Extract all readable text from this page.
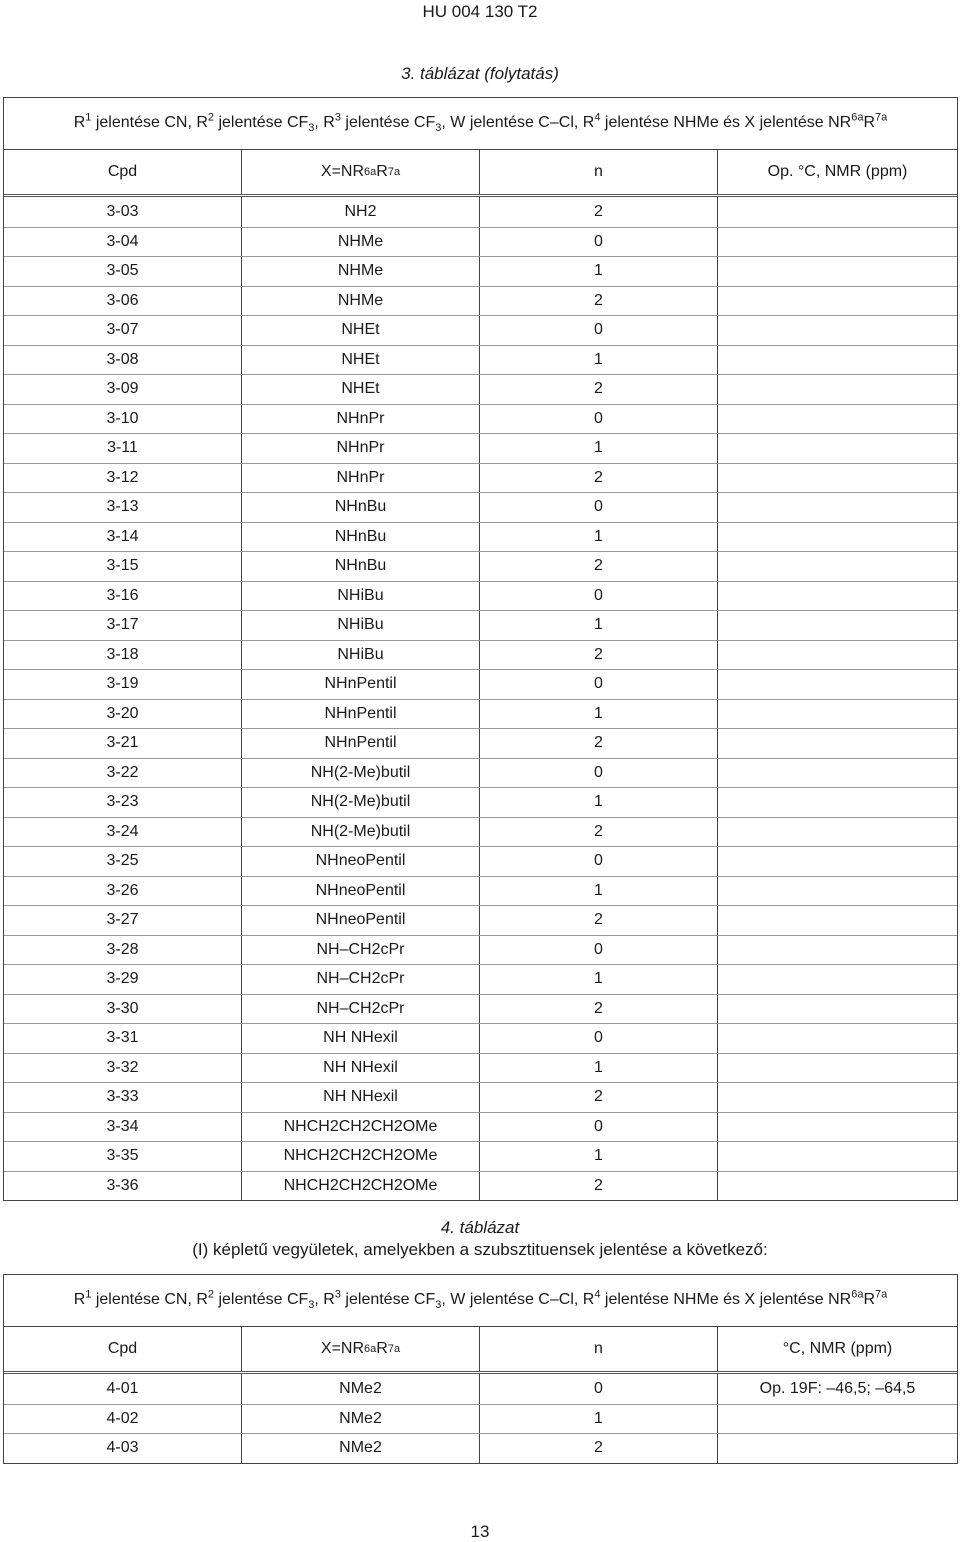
HU 004 130 T2
3. táblázat (folytatás)
$R^1$ jelentése CN, $R^2$ jelentése $CF_3$, $R^3$ jelentése $CF_3$, W jelentése C–Cl, $R^4$ jelentése NHMe és X jelentése $NR^{6a}R^{7a}$
Cpd	X=NR 6a R 7a	n	Op. °C, NMR (ppm)
3-03	NH2	2
3-04	NHMe	0
3-05	NHMe	1
3-06	NHMe	2
3-07	NHEt	0
3-08	NHEt	1
3-09	NHEt	2
3-10	NHnPr	0
3-11	NHnPr	1
3-12	NHnPr	2
3-13	NHnBu	0
3-14	NHnBu	1
3-15	NHnBu	2
3-16	NHiBu	0
3-17	NHiBu	1
3-18	NHiBu	2
3-19	NHnPentil	0
3-20	NHnPentil	1
3-21	NHnPentil	2
3-22	NH(2-Me)butil	0
3-23	NH(2-Me)butil	1
3-24	NH(2-Me)butil	2
3-25	NHneoPentil	0
3-26	NHneoPentil	1
3-27	NHneoPentil	2
3-28	NH–CH2cPr	0
3-29	NH–CH2cPr	1
3-30	NH–CH2cPr	2
3-31	NH NHexil	0
3-32	NH NHexil	1
3-33	NH NHexil	2
3-34	NHCH2CH2CH2OMe	0
3-35	NHCH2CH2CH2OMe	1
3-36	NHCH2CH2CH2OMe	2
4. táblázat
(I) képletű vegyületek, amelyekben a szubsztituensek jelentése a következő:
$R^1$ jelentése CN, $R^2$ jelentése $CF_3$, $R^3$ jelentése $CF_3$, W jelentése C–Cl, $R^4$ jelentése NHMe és X jelentése $NR^{6a}R^{7a}$
Cpd	X=NR 6a R 7a	n	°C, NMR (ppm)
4-01	NMe2	0	Op. 19F: –46,5; –64,5
4-02	NMe2	1
4-03	NMe2	2
13
